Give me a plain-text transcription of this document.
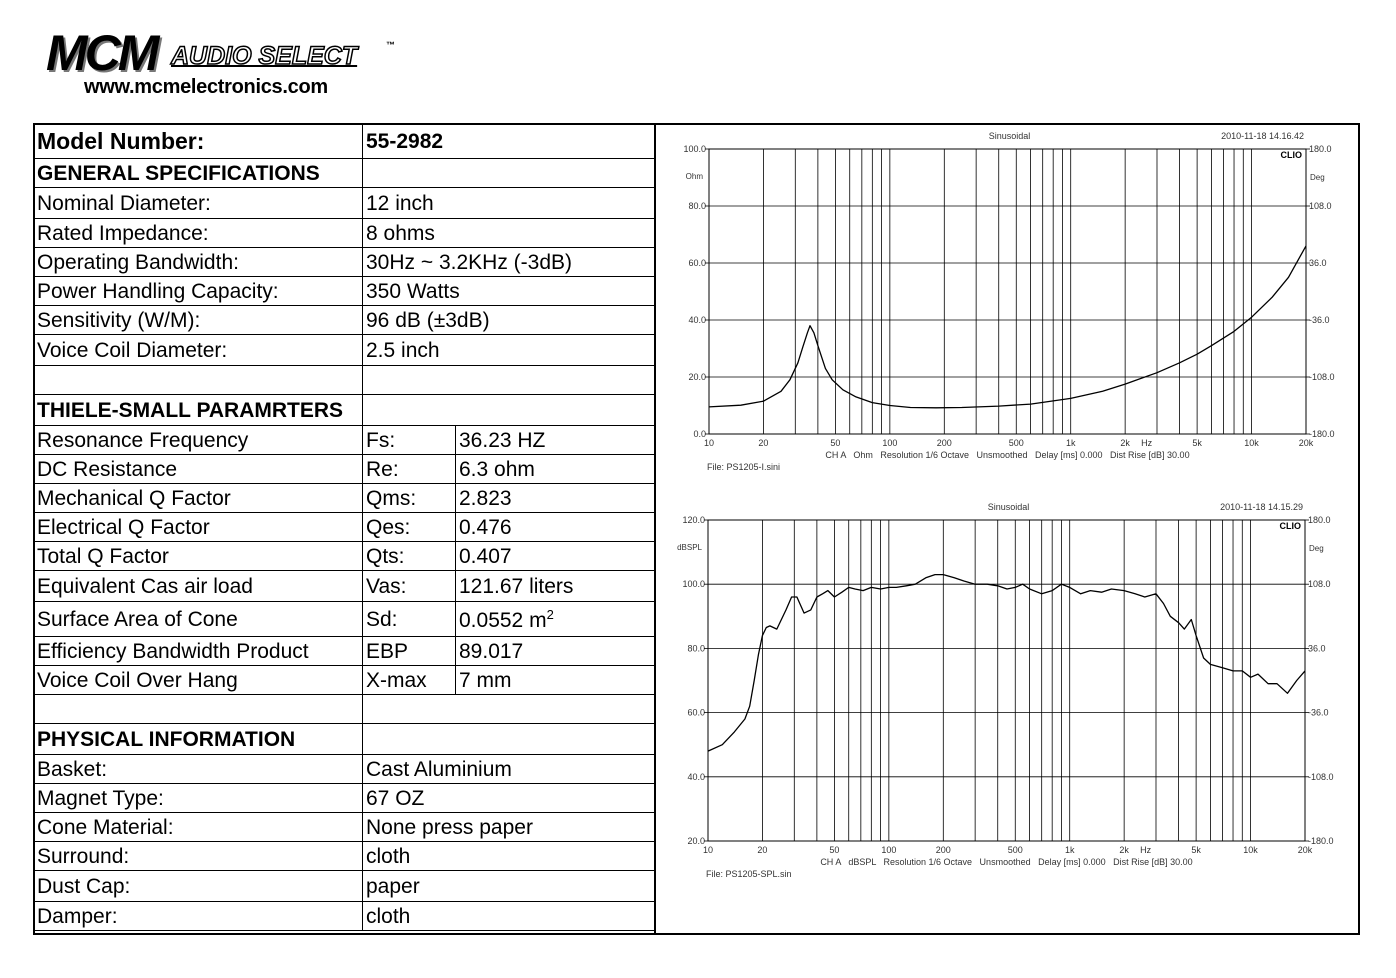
MCM AUDIO SELECT	™
www.mcmelectronics.com
Model Number:	55-2982	
GENERAL SPECIFICATIONS		
Nominal Diameter:	12 inch	
Rated Impedance:	8 ohms	
Operating Bandwidth:	30Hz ~ 3.2KHz (-3dB)	
Power Handling Capacity:	350 Watts	
Sensitivity (W/M):	96 dB (±3dB)	
Voice Coil Diameter:	2.5 inch	

THIELE-SMALL PARAMRTERS		
Resonance Frequency	Fs:	36.23 HZ
DC Resistance	Re:	6.3 ohm
Mechanical Q Factor	Qms:	2.823
Electrical Q Factor	Qes:	0.476
Total Q Factor	Qts:	0.407
Equivalent Cas air load	Vas:	121.67 liters
Surface Area of Cone	Sd:	0.0552 $m^2$
Efficiency Bandwidth Product	EBP	89.017
Voice Coil Over Hang	X-max	7 mm

PHYSICAL INFORMATION		
Basket:	Cast Aluminium	
Magnet Type:	67 OZ	
Cone Material:	None press paper	
Surround:	cloth	
Dust Cap:	paper	
Damper:	cloth	
0.0
20.0
40.0
60.0
80.0
100.0
-180.0
-108.0
-36.0
36.0
108.0
180.0
10	20	50	100	200	500	1k	2k	5k	10k	20k
Ohm	Deg
Hz
Sinusoidal	2010-11-18 14.16.42
CLIO
CH A   Ohm   Resolution 1/6 Octave   Unsmoothed   Delay [ms] 0.000   Dist Rise [dB] 30.00
File: PS1205-I.sini
20.0
40.0
60.0
80.0
100.0
120.0
-180.0
-108.0
-36.0
36.0
108.0
180.0
10	20	50	100	200	500	1k	2k	5k	10k	20k
dBSPL	Deg
Hz
Sinusoidal	2010-11-18 14.15.29
CLIO
CH A   dBSPL   Resolution 1/6 Octave   Unsmoothed   Delay [ms] 0.000   Dist Rise [dB] 30.00
File: PS1205-SPL.sin
